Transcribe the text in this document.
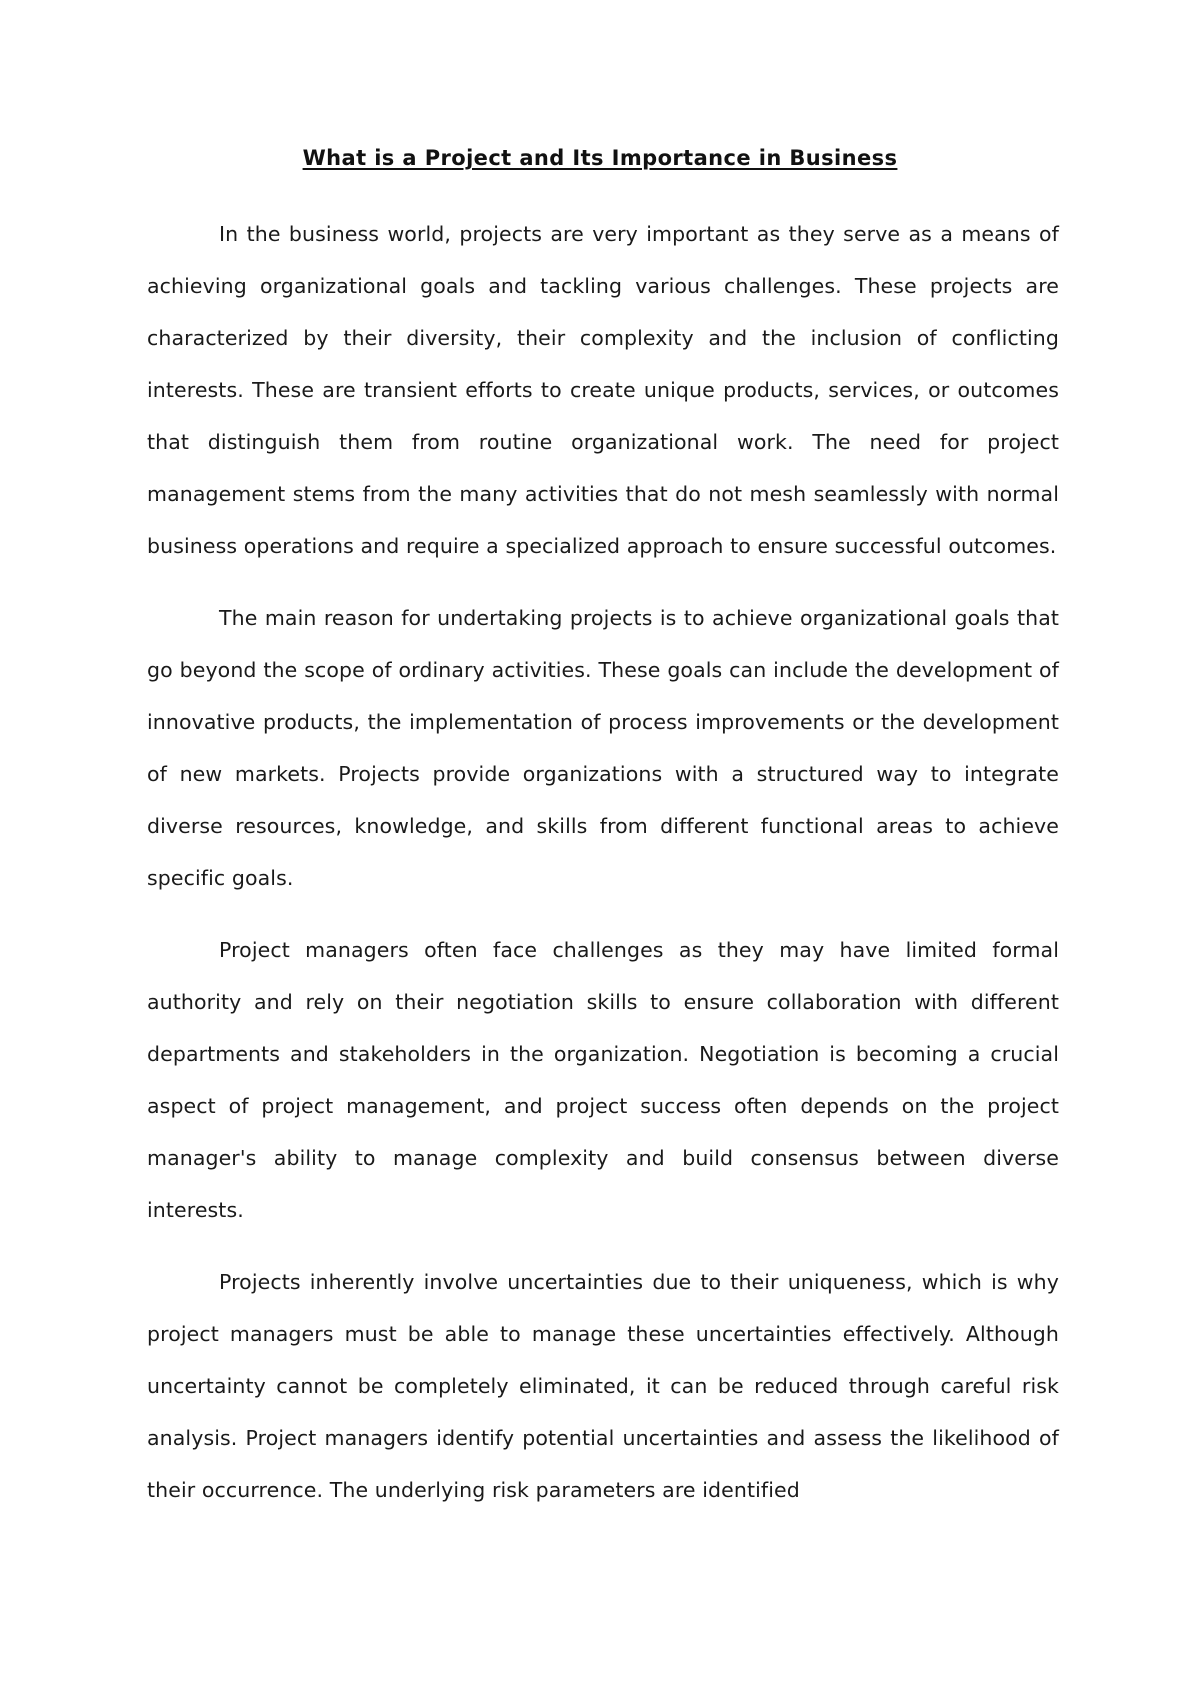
What is a Project and Its Importance in Business

In the business world, projects are very important as they serve as a means of achieving organizational goals and tackling various challenges. These projects are characterized by their diversity, their complexity and the inclusion of conflicting interests. These are transient efforts to create unique products, services, or outcomes that distinguish them from routine organizational work. The need for project management stems from the many activities that do not mesh seamlessly with normal business operations and require a specialized approach to ensure successful outcomes.

The main reason for undertaking projects is to achieve organizational goals that go beyond the scope of ordinary activities. These goals can include the development of innovative products, the implementation of process improvements or the development of new markets. Projects provide organizations with a structured way to integrate diverse resources, knowledge, and skills from different functional areas to achieve specific goals.

Project managers often face challenges as they may have limited formal authority and rely on their negotiation skills to ensure collaboration with different departments and stakeholders in the organization. Negotiation is becoming a crucial aspect of project management, and project success often depends on the project manager's ability to manage complexity and build consensus between diverse interests.

Projects inherently involve uncertainties due to their uniqueness, which is why project managers must be able to manage these uncertainties effectively. Although uncertainty cannot be completely eliminated, it can be reduced through careful risk analysis. Project managers identify potential uncertainties and assess the likelihood of their occurrence. The underlying risk parameters are identified
